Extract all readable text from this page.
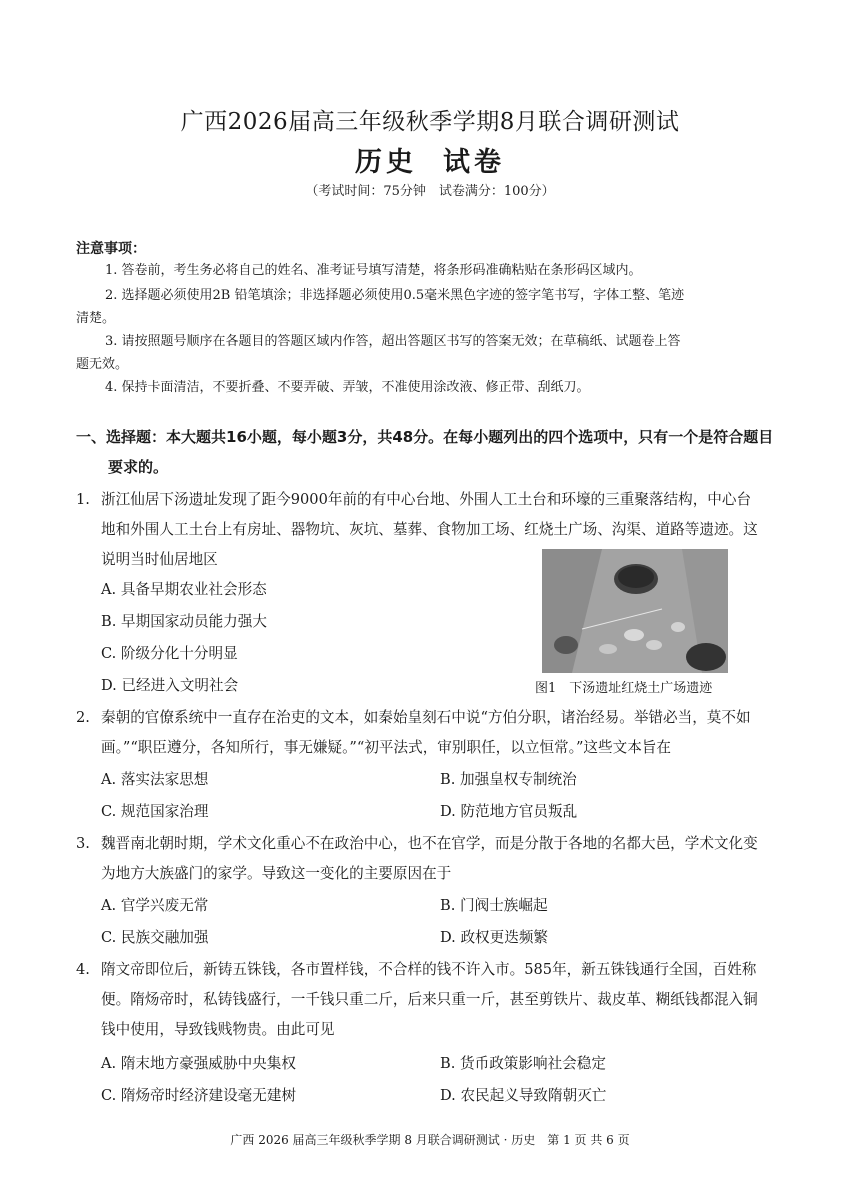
广西2026届高三年级秋季学期8月联合调研测试
历史 试卷
（考试时间：75分钟　试卷满分：100分）
注意事项：
1. 答卷前，考生务必将自己的姓名、准考证号填写清楚，将条形码准确粘贴在条形码区域内。
2. 选择题必须使用2B 铅笔填涂；非选择题必须使用0.5毫米黑色字迹的签字笔书写，字体工整、笔迹
清楚。
3. 请按照题号顺序在各题目的答题区域内作答，超出答题区书写的答案无效；在草稿纸、试题卷上答
题无效。
4. 保持卡面清洁，不要折叠、不要弄破、弄皱，不准使用涂改液、修正带、刮纸刀。
一、选择题：本大题共16小题，每小题3分，共48分。在每小题列出的四个选项中，只有一个是符合题目
要求的。
1. 浙江仙居下汤遗址发现了距今9000年前的有中心台地、外围人工土台和环壕的三重聚落结构，中心台
地和外围人工土台上有房址、器物坑、灰坑、墓葬、食物加工场、红烧土广场、沟渠、道路等遗迹。这
说明当时仙居地区
A. 具备早期农业社会形态
B. 早期国家动员能力强大
C. 阶级分化十分明显
D. 已经进入文明社会	图1　下汤遗址红烧土广场遗迹
2. 秦朝的官僚系统中一直存在治吏的文本，如秦始皇刻石中说“方伯分职，诸治经易。举错必当，莫不如
画。”“职臣遵分，各知所行，事无嫌疑。”“初平法式，审别职任，以立恒常。”这些文本旨在
A. 落实法家思想	B. 加强皇权专制统治
C. 规范国家治理	D. 防范地方官员叛乱
3. 魏晋南北朝时期，学术文化重心不在政治中心，也不在官学，而是分散于各地的名都大邑，学术文化变
为地方大族盛门的家学。导致这一变化的主要原因在于
A. 官学兴废无常	B. 门阀士族崛起
C. 民族交融加强	D. 政权更迭频繁
4. 隋文帝即位后，新铸五铢钱，各市置样钱，不合样的钱不许入市。585年，新五铢钱通行全国，百姓称
便。隋炀帝时，私铸钱盛行，一千钱只重二斤，后来只重一斤，甚至剪铁片、裁皮革、糊纸钱都混入铜
钱中使用，导致钱贱物贵。由此可见
A. 隋末地方豪强威胁中央集权	B. 货币政策影响社会稳定
C. 隋炀帝时经济建设毫无建树	D. 农民起义导致隋朝灭亡
广西 2026 届高三年级秋季学期 8 月联合调研测试 · 历史　第 1 页 共 6 页
